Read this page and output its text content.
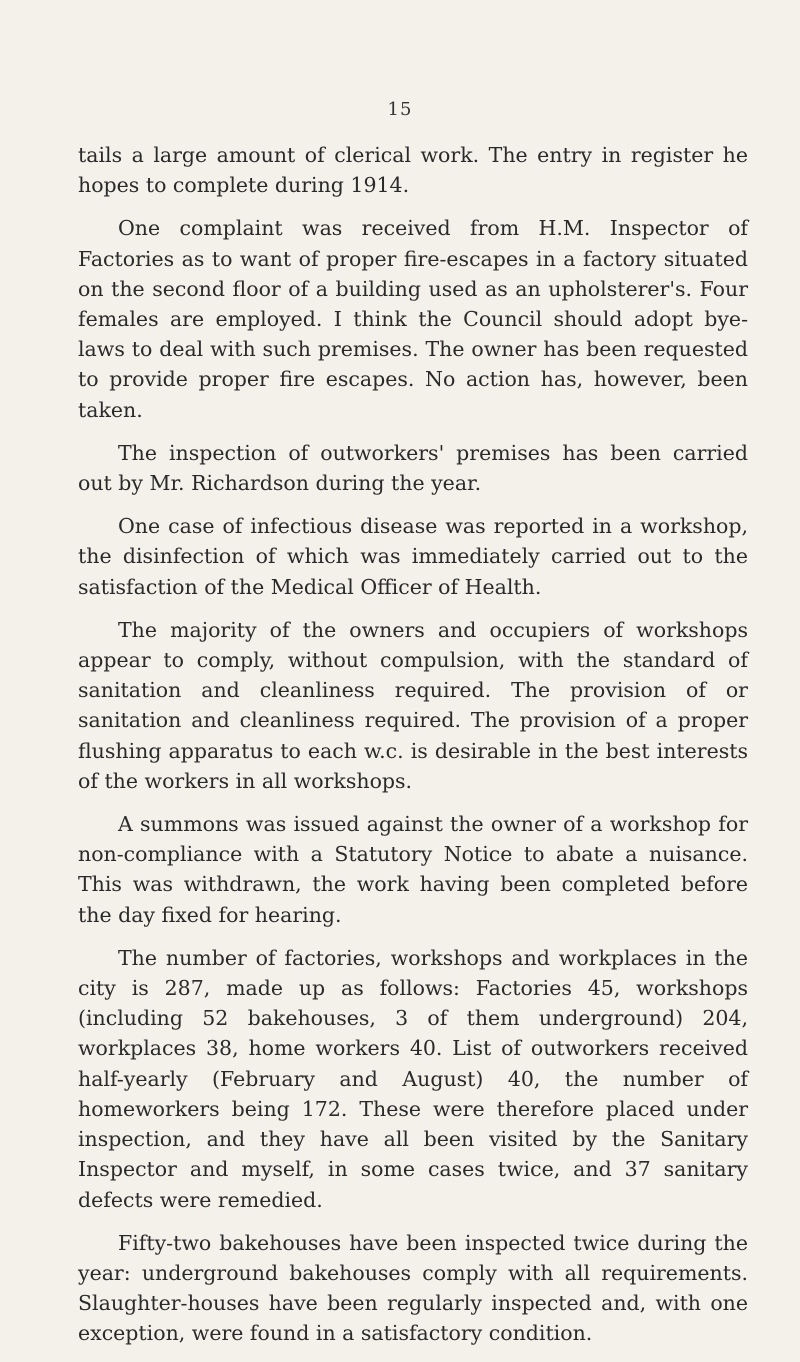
15

tails a large amount of clerical work. The entry in register he hopes to complete during 1914.

One complaint was received from H.M. Inspector of Factories as to want of proper fire-escapes in a factory situated on the second floor of a building used as an upholsterer's. Four females are employed. I think the Council should adopt bye-laws to deal with such premises. The owner has been requested to provide proper fire escapes. No action has, however, been taken.

The inspection of outworkers' premises has been carried out by Mr. Richardson during the year.

One case of infectious disease was reported in a workshop, the disinfection of which was immediately carried out to the satisfaction of the Medical Officer of Health.

The majority of the owners and occupiers of workshops appear to comply, without compulsion, with the standard of sanitation and cleanliness required. The provision of or sanitation and cleanliness required. The provision of a proper flushing apparatus to each w.c. is desirable in the best interests of the workers in all workshops.

A summons was issued against the owner of a workshop for non-compliance with a Statutory Notice to abate a nuisance. This was withdrawn, the work having been completed before the day fixed for hearing.

The number of factories, workshops and workplaces in the city is 287, made up as follows: Factories 45, workshops (including 52 bakehouses, 3 of them underground) 204, workplaces 38, home workers 40. List of outworkers received half-yearly (February and August) 40, the number of homeworkers being 172. These were therefore placed under inspection, and they have all been visited by the Sanitary Inspector and myself, in some cases twice, and 37 sanitary defects were remedied.

Fifty-two bakehouses have been inspected twice during the year: underground bakehouses comply with all requirements. Slaughter-houses have been regularly inspected and, with one exception, were found in a satisfactory condition.
